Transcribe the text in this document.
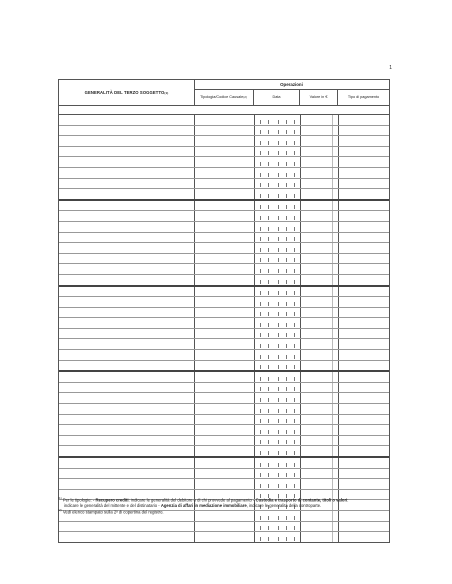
1
GENERALITÀ DEL TERZO SOGGETTO (1)
Operazioni
Tipologia/Codice Causale (2)	Data	Valore in €	Tipo di pagamento
$^{(1)}$ Per le tipologie: - Recupero crediti: indicare le generalità del debitore o di chi provvede al pagamento - Custodia e trasporto di contante, titoli o valori:
indicare le generalità del mittente e del distinatario - Agenzia di affari in mediazione immobiliare, indicare le generalità della controparte.
$^{(2)}$ Vedi elenco stampato sulla 2ª di copertina del registro.
